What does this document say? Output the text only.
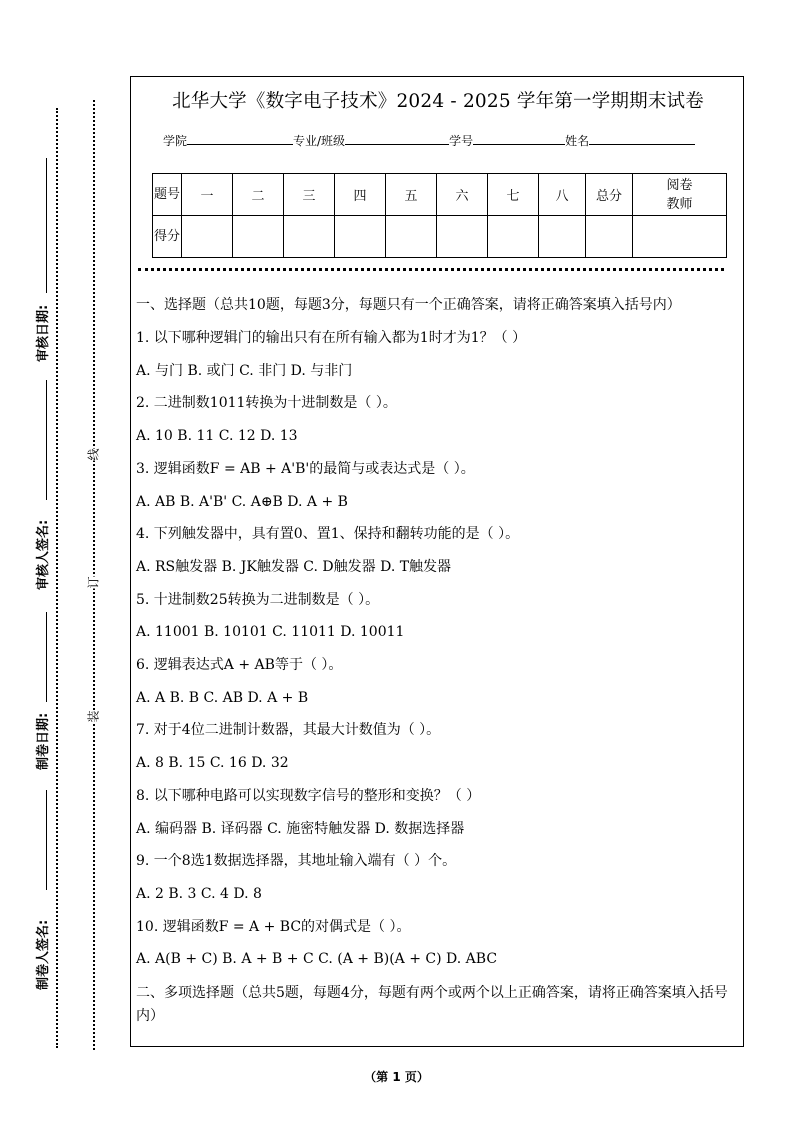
审核日期:
审核人签名:
制卷日期:
制卷人签名:
线
订
装
北华大学《数字电子技术》2024 - 2025 学年第一学期期末试卷
学院	专业/班级	学号	姓名
题号	一	二	三	四	五	六	七	八	总分	阅卷教师
得分										
一、选择题（总共10题，每题3分，每题只有一个正确答案，请将正确答案填入括号内）
1. 以下哪种逻辑门的输出只有在所有输入都为1时才为1？（ ）
A. 与门 B. 或门 C. 非门 D. 与非门
2. 二进制数1011转换为十进制数是（ ）。
A. 10 B. 11 C. 12 D. 13
3. 逻辑函数F = AB + A'B'的最简与或表达式是（ ）。
A. AB B. A'B' C. A⊕B D. A + B
4. 下列触发器中，具有置0、置1、保持和翻转功能的是（ ）。
A. RS触发器 B. JK触发器 C. D触发器 D. T触发器
5. 十进制数25转换为二进制数是（ ）。
A. 11001 B. 10101 C. 11011 D. 10011
6. 逻辑表达式A + AB等于（ ）。
A. A B. B C. AB D. A + B
7. 对于4位二进制计数器，其最大计数值为（ ）。
A. 8 B. 15 C. 16 D. 32
8. 以下哪种电路可以实现数字信号的整形和变换？（ ）
A. 编码器 B. 译码器 C. 施密特触发器 D. 数据选择器
9. 一个8选1数据选择器，其地址输入端有（ ）个。
A. 2 B. 3 C. 4 D. 8
10. 逻辑函数F = A + BC的对偶式是（ ）。
A. A(B + C) B. A + B + C C. (A + B)(A + C) D. ABC
二、多项选择题（总共5题，每题4分，每题有两个或两个以上正确答案，请将正确答案填入括号内）
（第 1 页）
